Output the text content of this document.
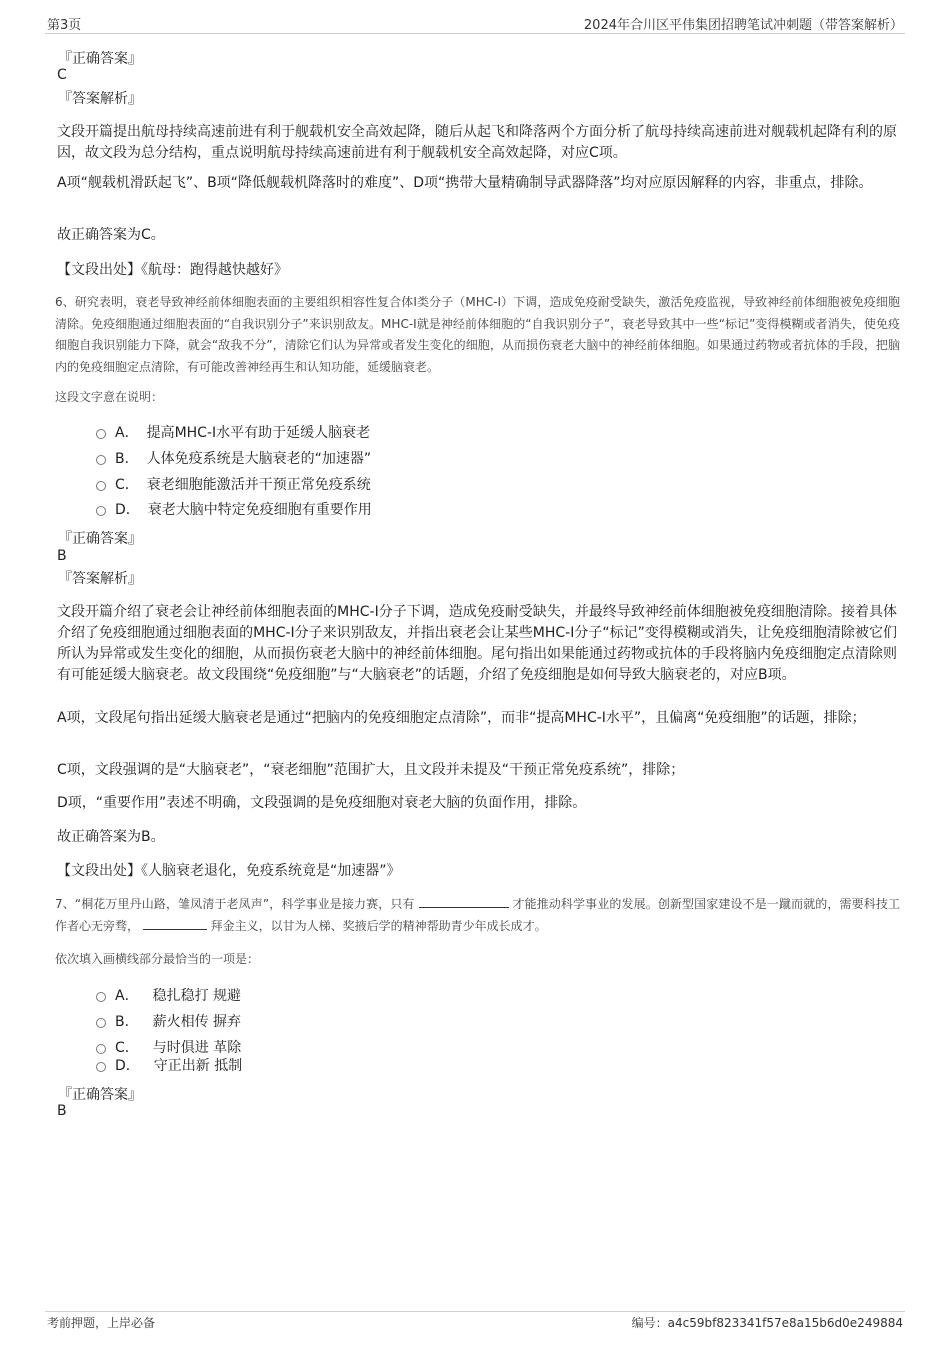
第3页	2024年合川区平伟集团招聘笔试冲刺题（带答案解析）
『正确答案』
C
『答案解析』
文段开篇提出航母持续高速前进有利于舰载机安全高效起降，随后从起飞和降落两个方面分析了航母持续高速前进对舰载机起降有利的原因，故文段为总分结构，重点说明航母持续高速前进有利于舰载机安全高效起降，对应C项。
A项“舰载机滑跃起飞”、B项“降低舰载机降落时的难度”、D项“携带大量精确制导武器降落”均对应原因解释的内容，非重点，排除。
故正确答案为C。
【文段出处】《航母：跑得越快越好》
6、研究表明，衰老导致神经前体细胞表面的主要组织相容性复合体I类分子（MHC-I）下调，造成免疫耐受缺失，激活免疫监视，导致神经前体细胞被免疫细胞清除。免疫细胞通过细胞表面的“自我识别分子”来识别敌友。MHC-I就是神经前体细胞的“自我识别分子”，衰老导致其中一些“标记”变得模糊或者消失，使免疫细胞自我识别能力下降，就会“敌我不分”，清除它们认为异常或者发生变化的细胞，从而损伤衰老大脑中的神经前体细胞。如果通过药物或者抗体的手段，把脑内的免疫细胞定点清除，有可能改善神经再生和认知功能，延缓脑衰老。
这段文字意在说明：
A． 提高MHC-I水平有助于延缓人脑衰老
B． 人体免疫系统是大脑衰老的“加速器”
C． 衰老细胞能激活并干预正常免疫系统
D． 衰老大脑中特定免疫细胞有重要作用
『正确答案』
B
『答案解析』
文段开篇介绍了衰老会让神经前体细胞表面的MHC-I分子下调，造成免疫耐受缺失，并最终导致神经前体细胞被免疫细胞清除。接着具体介绍了免疫细胞通过细胞表面的MHC-I分子来识别敌友，并指出衰老会让某些MHC-I分子“标记”变得模糊或消失，让免疫细胞清除被它们所认为异常或发生变化的细胞，从而损伤衰老大脑中的神经前体细胞。尾句指出如果能通过药物或抗体的手段将脑内免疫细胞定点清除则有可能延缓大脑衰老。故文段围绕“免疫细胞”与“大脑衰老”的话题，介绍了免疫细胞是如何导致大脑衰老的，对应B项。
A项，文段尾句指出延缓大脑衰老是通过“把脑内的免疫细胞定点清除”，而非“提高MHC-I水平”，且偏离“免疫细胞”的话题，排除；
C项，文段强调的是“大脑衰老”，“衰老细胞”范围扩大，且文段并未提及“干预正常免疫系统”，排除；
D项，“重要作用”表述不明确，文段强调的是免疫细胞对衰老大脑的负面作用，排除。
故正确答案为B。
【文段出处】《人脑衰老退化，免疫系统竟是“加速器”》
7、“桐花万里丹山路，雏凤清于老凤声”，科学事业是接力赛，只有	才能推动科学事业的发展。创新型国家建设不是一蹴而就的，需要科技工作者心无旁骛，	拜金主义，以甘为人梯、奖掖后学的精神帮助青少年成长成才。
依次填入画横线部分最恰当的一项是：
A． 稳扎稳打 规避
B． 薪火相传 摒弃
C． 与时俱进 革除
D． 守正出新 抵制
『正确答案』
B
考前押题，上岸必备	编号：a4c59bf823341f57e8a15b6d0e249884
